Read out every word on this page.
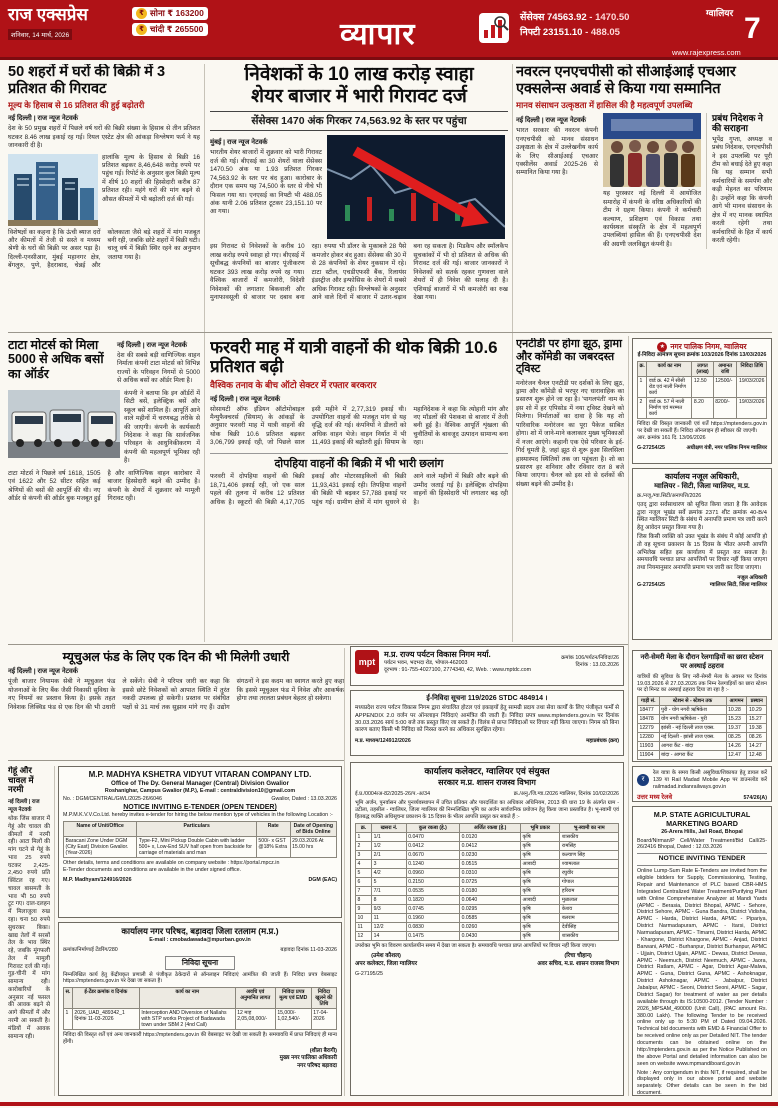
राज एक्सप्रेस
शनिवार, 14 मार्च, 2026
₹ सोना ₹ 163200
₹ चांदी ₹ 265500	व्यापार
सेंसेक्स 74563.92 - 1470.50
निफ्टी 23151.10 - 488.05
ग्वालियर 7
www.rajexpress.com
50 शहरों में घरों की बिक्री में 3 प्रतिशत की गिरावट
मूल्य के हिसाब से 16 प्रतिशत की हुई बढ़ोतरी
नई दिल्ली | राज न्यूज नेटवर्क

देश के 50 प्रमुख शहरों में पिछले वर्ष घरों की बिक्री संख्या के हिसाब से तीन प्रतिशत घटकर 8.46 लाख इकाई रह गई। रियल एस्टेट क्षेत्र की आंकड़ा विश्लेषण फर्म ने यह जानकारी दी है।

हालांकि मूल्य के हिसाब से बिक्री 16 प्रतिशत बढ़कर 8,46,648 करोड़ रुपये पर पहुंच गई। रिपोर्ट के अनुसार कुल बिक्री मूल्य में शीर्ष 10 शहरों की हिस्सेदारी करीब 87 प्रतिशत रही। महंगे घरों की मांग बढ़ने से औसत कीमतों में भी बढ़ोतरी दर्ज की गई।

विशेषज्ञों का कहना है कि ऊंची ब्याज दरों और कीमतों में तेजी से सस्ते व मध्यम श्रेणी के घरों की बिक्री पर असर पड़ा है। दिल्ली-एनसीआर, मुंबई महानगर क्षेत्र, बेंगलुरु, पुणे, हैदराबाद, चेन्नई और कोलकाता जैसे बड़े शहरों में मांग मजबूत बनी रही, जबकि छोटे शहरों में बिक्री घटी। चालू वर्ष में बिक्री स्थिर रहने का अनुमान जताया गया है।

निवेशकों के 10 लाख करोड़ स्वाहा
शेयर बाजार में भारी गिरावट दर्ज
सेंसेक्स 1470 अंक गिरकर 74,563.92 के स्तर पर पहुंचा
मुंबई | राज न्यूज नेटवर्क

भारतीय शेयर बाजारों में शुक्रवार को भारी गिरावट दर्ज की गई। बीएसई का 30 शेयरों वाला सेंसेक्स 1470.50 अंक या 1.93 प्रतिशत गिरकर 74,563.92 के स्तर पर बंद हुआ। कारोबार के दौरान एक समय यह 74,500 के स्तर से नीचे भी फिसल गया था। एनएसई का निफ्टी भी 488.05 अंक यानी 2.06 प्रतिशत टूटकर 23,151.10 पर आ गया।

इस गिरावट से निवेशकों के करीब 10 लाख करोड़ रुपये स्वाहा हो गए। बीएसई में सूचीबद्ध कंपनियों का बाजार पूंजीकरण घटकर 393 लाख करोड़ रुपये रह गया। वैश्विक बाजारों में कमजोरी, विदेशी निवेशकों की लगातार बिकवाली और मुनाफावसूली से बाजार पर दबाव बना रहा। रुपया भी डॉलर के मुकाबले 28 पैसे कमजोर होकर बंद हुआ। सेंसेक्स की 30 में से 28 कंपनियों के शेयर नुकसान में रहे। टाटा स्टील, एचडीएफसी बैंक, रिलायंस इंडस्ट्रीज और इन्फोसिस के शेयरों में सबसे अधिक गिरावट रही। विश्लेषकों के अनुसार आने वाले दिनों में बाजार में उतार-चढ़ाव बना रह सकता है। मिडकैप और स्मॉलकैप सूचकांकों में भी दो प्रतिशत से अधिक की गिरावट दर्ज की गई। बाजार जानकारों ने निवेशकों को सतर्क रहकर गुणवत्ता वाले शेयरों में ही निवेश की सलाह दी है। एशियाई बाजारों में भी कमजोरी का रुख देखा गया।

नवरत्न एनएचपीसी को सीआईआई एचआर एक्सलेन्स अवार्ड से किया गया सम्मानित
मानव संसाधन उत्कृष्ठता में हासिल की है महत्वपूर्ण उपलब्धि
नई दिल्ली | राज न्यूज नेटवर्क

भारत सरकार की नवरत्न कंपनी एनएचपीसी को मानव संसाधन उत्कृष्ठता के क्षेत्र में उल्लेखनीय कार्य के लिए सीआईआई एचआर एक्सीलेंस अवार्ड 2025-26 से सम्मानित किया गया है।

यह पुरस्कार नई दिल्ली में आयोजित समारोह में कंपनी के वरिष्ठ अधिकारियों की टीम ने ग्रहण किया। कंपनी ने कर्मचारी कल्याण, प्रशिक्षण एवं विकास तथा कार्यस्थल संस्कृति के क्षेत्र में महत्वपूर्ण उपलब्धियां हासिल की हैं। एनएचपीसी देश की अग्रणी जलविद्युत कंपनी है।

प्रबंध निदेशक ने की सराहना

भूपेंद्र गुप्ता, अध्यक्ष व प्रबंध निदेशक, एनएचपीसी ने इस उपलब्धि पर पूरी टीम को बधाई देते हुए कहा कि यह सम्मान सभी कर्मचारियों के समर्पण और कड़ी मेहनत का परिणाम है। उन्होंने कहा कि कंपनी आगे भी मानव संसाधन के क्षेत्र में नए मानक स्थापित करती रहेगी तथा कर्मचारियों के हित में कार्य करती रहेगी।

टाटा मोटर्स को मिला 5000 से अधिक बसों का ऑर्डर
नई दिल्ली | राज न्यूज नेटवर्क

देश की सबसे बड़ी वाणिज्यिक वाहन निर्माता कंपनी टाटा मोटर्स को विभिन्न राज्यों के परिवहन निगमों से 5000 से अधिक बसों का ऑर्डर मिला है।

कंपनी ने बताया कि इन ऑर्डरों में सिटी बसें, इलेक्ट्रिक बसें और स्कूल बसें शामिल हैं। आपूर्ति आने वाले महीनों में चरणबद्ध तरीके से की जाएगी। कंपनी के कार्यकारी निदेशक ने कहा कि सार्वजनिक परिवहन के आधुनिकीकरण में कंपनी की महत्वपूर्ण भूमिका रही है।

टाटा मोटर्स ने पिछले वर्ष 1618, 1505 एवं 1622 और 52 सीटर सहित कई श्रेणियों की बसों की आपूर्ति की थी। नए ऑर्डर से कंपनी की ऑर्डर बुक मजबूत हुई है और वाणिज्यिक वाहन कारोबार में बाजार हिस्सेदारी बढ़ने की उम्मीद है। कंपनी के शेयरों में शुक्रवार को मामूली गिरावट रही।

फरवरी माह में यात्री वाहनों की थोक बिक्री 10.6 प्रतिशत बढ़ी
वैश्विक तनाव के बीच ऑटो सेक्टर में रफ्तार बरकरार
नई दिल्ली | राज न्यूज नेटवर्क

सोसायटी ऑफ इंडियन ऑटोमोबाइल मैन्युफैक्चरर्स (सियाम) के आंकड़ों के अनुसार फरवरी माह में यात्री वाहनों की थोक बिक्री 10.6 प्रतिशत बढ़कर 3,06,799 इकाई रही, जो पिछले साल इसी महीने में 2,77,319 इकाई थी। उपयोगिता वाहनों की मजबूत मांग से यह वृद्धि दर्ज की गई। कंपनियों ने डीलरों को अधिक वाहन भेजे। वाहन निर्यात में भी 11,493 इकाई की बढ़ोतरी हुई। सियाम के महानिदेशक ने कहा कि त्योहारी मांग और नए मॉडलों की पेशकश से बाजार में तेजी बनी हुई है। वैश्विक आपूर्ति शृंखला की चुनौतियों के बावजूद उत्पादन सामान्य बना रहा।

दोपहिया वाहनों की बिक्री में भी भारी छलांग

फरवरी में दोपहिया वाहनों की बिक्री 18,71,406 इकाई रही, जो एक साल पहले की तुलना में करीब 12 प्रतिशत अधिक है। स्कूटरों की बिक्री 4,17,705 इकाई और मोटरसाइकिलों की बिक्री 11,93,431 इकाई रही। तिपहिया वाहनों की बिक्री भी बढ़कर 57,788 इकाई पर पहुंच गई। ग्रामीण क्षेत्रों में मांग सुधरने से आने वाले महीनों में बिक्री और बढ़ने की उम्मीद जताई गई है। इलेक्ट्रिक दोपहिया वाहनों की हिस्सेदारी भी लगातार बढ़ रही है।

एनटीडी पर होगा झूठ, ड्रामा और कॉमेडी का जबरदस्त ट्विस्ट

मनोरंजन चैनल एनटीडी पर दर्शकों के लिए झूठ, ड्रामा और कॉमेडी से भरपूर नए धारावाहिक का प्रसारण शुरू होने जा रहा है। 'पागलपंती' नाम के इस शो में हर एपिसोड में नया ट्विस्ट देखने को मिलेगा। निर्माताओं का दावा है कि यह शो पारिवारिक मनोरंजन का पूरा पैकेज साबित होगा। शो में जाने-माने कलाकार मुख्य भूमिकाओं में नजर आएंगे। कहानी एक ऐसे परिवार के इर्द-गिर्द घूमती है, जहां झूठ से शुरू हुआ सिलसिला हास्यास्पद स्थितियों तक जा पहुंचता है। शो का प्रसारण हर शनिवार और रविवार रात 8 बजे किया जाएगा। चैनल को इस शो से दर्शकों की संख्या बढ़ने की उम्मीद है।

★ नगर पालिक निगम, ग्वालियर
ई-निविदा आमंत्रण सूचना क्रमांक 103/2026 दिनांक 13/03/2026
क्र.	कार्य का नाम	लागत (लाख)	अमानत राशि	निविदा तिथि
1	वार्ड क्र. 42 में सीसी रोड एवं नाली निर्माण कार्य	12.50	12500/-	19/03/2026
2	वार्ड क्र. 57 में नाली निर्माण एवं मरम्मत कार्य	8.20	8200/-	19/03/2026

निविदा की विस्तृत जानकारी एवं शर्तें https://mptenders.gov.in पर देखी जा सकती हैं। निविदा ऑनलाइन ही स्वीकार की जाएगी।

आर. क्रमांक 161 दि. 13/06/2026
G-27254/25	अधीक्षण यंत्री, नगर पालिक निगम ग्वालियर
कार्यालय नजूल अधिकारी,
ग्वालियर - सिटी, जिला ग्वालियर, म.प्र.
क्र./नजू./ग्वा.सिटी/अनापत्ति/2026

एतद् द्वारा सर्वसाधारण को सूचित किया जाता है कि आवेदक द्वारा नजूल भूखंड सर्वे क्रमांक 2371 शीट क्रमांक 40-B/4 स्थित ग्वालियर सिटी के संबंध में अनापत्ति प्रमाण पत्र जारी करने हेतु आवेदन प्रस्तुत किया गया है।

जिस किसी व्यक्ति को उक्त भूखंड के संबंध में कोई आपत्ति हो तो वह सूचना प्रकाशन के 15 दिवस के भीतर अपनी आपत्ति अभिलेख सहित इस कार्यालय में प्रस्तुत कर सकता है। समयावधि पश्चात प्राप्त आपत्तियों पर विचार नहीं किया जाएगा तथा नियमानुसार अनापत्ति प्रमाण पत्र जारी कर दिया जाएगा।

G-27254/25
नजूल अधिकारी
ग्वालियर सिटी, जिला ग्वालियर
म्यूचुअल फंड के लिए एक दिन की भी मिलेगी उधारी
नई दिल्ली | राज न्यूज नेटवर्क

पूंजी बाजार नियामक सेबी ने म्यूचुअल फंड योजनाओं के लिए बैंक जैसी निकासी सुविधा के नए नियमों का प्रस्ताव किया है। इसके तहत निवेशक लिक्विड फंड से एक दिन की भी उधारी ले सकेंगे। सेबी ने परिपत्र जारी कर कहा कि इससे छोटे निवेशकों को आपात स्थिति में तुरंत नकदी उपलब्ध हो सकेगी। प्रस्ताव पर संबंधित पक्षों से 31 मार्च तक सुझाव मांगे गए हैं। उद्योग संगठनों ने इस कदम का स्वागत करते हुए कहा कि इससे म्यूचुअल फंड में निवेश और आकर्षक होगा तथा तरलता प्रबंधन बेहतर हो सकेगा।

mpt
म.प्र. राज्य पर्यटन विकास निगम मर्या.
पर्यटन भवन, भदभदा रोड, भोपाल-462003
दूरभाष : 91-755-4027100, 2774340, 42, Web. : www.mptdc.com
क्रमांक 106/पर्यटन/निविदा/26
दिनांक : 13.03.2026
ई-निविदा सूचना 119/2026 STDC 484914 ।

मध्यप्रदेश राज्य पर्यटन विकास निगम द्वारा संचालित होटल एवं इकाइयों हेतु सामग्री प्रदाय तथा सेवा कार्यों के लिए पंजीकृत फर्मों से APPENDIX 2.0 वर्जन पर ऑनलाइन निविदाएं आमंत्रित की जाती हैं। निविदा प्रपत्र www.mptenders.gov.in पर दिनांक 30.03.2026 सायं 5:00 बजे तक प्रस्तुत किए जा सकते हैं। विलंब से प्राप्त निविदाओं पर विचार नहीं किया जाएगा। निगम को बिना कारण बताए किसी भी निविदा को निरस्त करने का अधिकार सुरक्षित रहेगा।

म.प्र. माध्यम/124912/2026	महाप्रबंधक (क्रय)
नरी-सेमरी मेला के दौरान रेलगाड़ियों का छारा स्टेशन पर अस्थाई ठहराव

यात्रियों की सुविधा के लिए नरी-सेमरी मेला के अवसर पर दिनांक 19.03.2026 से 27.03.2026 तक निम्न रेलगाड़ियों का छारा स्टेशन पर दो मिनट का अस्थाई ठहराव दिया जा रहा है :-

गाड़ी सं.	स्टेशन से - स्टेशन तक	आगमन	प्रस्थान
18477	पुरी - योग नगरी ऋषिकेश	10.28	10.29
18478	योग नगरी ऋषिकेश - पुरी	15.23	15.27
12279	झांसी - नई दिल्ली ताज एक्स.	19.37	19.38
12280	नई दिल्ली - झांसी ताज एक्स.	08.25	08.26
11903	आगरा कैंट - बांदा	14.26	14.27
11904	बांदा - आगरा कैंट	12.47	12.48

र

रेल यात्रा के समय किसी असुविधा/शिकायत हेतु डायल करें 139 या Rail Madad Mobile App पर डाउनलोड करें railmadad.indianrailways.gov.in

उत्तर मध्य रेलवे	574/26(A)
M.P. STATE AGRICULTURAL MARKETING BOARD
26-Arera Hills, Jail Road, Bhopal
Board/Nirman/P Cell/Water Treatment/Bid Call/25-26/2416 Bhopal, Dated : 12.03.2026
NOTICE INVITING TENDER

Online Lump-Sum Rate E-Tenders are invited from the eligible bidders for Supply, Commissioning, Testing, Repair and Maintenance of PLC based CBR-HMS Integrated Centralized Water Treatment/Purifying Plant with Online Comprehensive Analyzer at Mandi Yards (APMC - Berasia, District Bhopal, APMC - Sehore, District Sehore, APMC - Guna Bandra, District Vidisha, APMC - Harda, District Harda, APMC - Pipariya, District Narmadapuram, APMC - Itarsi, District Narmadapuram, APMC - Timarni, District Harda, APMC - Khargone, District Khargone, APMC - Anjad, District Barwani, APMC - Burhanpur, District Burhanpur, APMC - Ujjain, District Ujjain, APMC - Dewas, District Dewas, APMC - Neemuch, District Neemuch, APMC - Jaora, District Ratlam, APMC - Agar, District Agar-Malwa, APMC - Guna, District Guna, APMC - Ashoknagar, District Ashoknagar, APMC - Jabalpur, District Jabalpur, APMC - Seoni, District Seoni, APMC - Sagar, District Sagar) for treatment of water as per details available through its IS:10500-2012. (Tender Number : 2026_MPSAM_490000 (Unit Call), (PAC amount Rs. 380.00 Lakh). The following Tender to be received online only up to 5:30 PM of Dated 09.04.2026. Technical bid documents with EMD & Financial Offer to be received online only as per Detailed NIT. The tender documents can be obtained online on the http://mptenders.gov.in as per the Notice Published on the above Portal and detailed information can also be seen on website www.mpmandiboard.gov.in

Note : Any corrigendum in this NIT, if required, shall be displayed only in our above portal and website separately. Other details can be seen in the bid document.

गेहूं और चावल में नरमी
नई दिल्ली | राज न्यूज नेटवर्क

थोक जिंस बाजार में गेहूं और चावल की कीमतों में नरमी रही। आटा मिलों की मांग घटने से गेहूं के भाव 25 रुपये घटकर 2,425-2,450 रुपये प्रति क्विंटल रह गए। चावल बासमती के भाव भी 50 रुपये टूट गए। दाल-दलहन में मिलाजुला रुख रहा। चना 50 रुपये सुधरकर बिका। खाद्य तेलों में सरसों तेल के भाव स्थिर रहे, जबकि मूंगफली तेल में मामूली गिरावट दर्ज की गई। गुड़-चीनी में मांग सामान्य रही। कारोबारियों के अनुसार नई फसल की आवक बढ़ने से आगे कीमतों में और नरमी आ सकती है। मंडियों में आवक सामान्य रही।

M.P. MADHYA KSHETRA VIDYUT VITARAN COMPANY LTD.
Office of The Dy. General Manager (Central) Division Gwalior
Roshanighar, Campus Gwalior (M.P.), E-mail : centraldivision10@gmail.com
No. : DGM/CENTRAL/GWL/2025-26/6046	Gwalior, Dated : 13.03.2026
NOTICE INVITING E-TENDER (OPEN TENDER)

M.P.M.K.V.V.Co.Ltd. hereby invites e-tender for hiring the below mention type of vehicles in the following Location :-

Name of Unit/Office	Particulars	Rate	Date of Opening of Bids Online
Baracani Zone Under DGM (City East) Division Gwalior. (Year-2026)	Type-F2, Mini Pickup Double Cabin with ladder 500+ x, Low-End SUV half open from backside for carriage of materials and man	500/- x GST @18% Extra	29.03.2026 At 15.00 hrs

Other details, terms and conditions are available on company website : https://portal.mpcz.in

E-Tender documents and conditions are available in the under signed office.

M.P. Madhyam/124916/2026	DGM (EAC)
कार्यालय नगर परिषद, बड़ावदा जिला रतलाम (म.प्र.)
E-mail : cmobadawada@mpurban.gov.in
क्रमांक/निर्माण/ई टेंडरिंग/280	बड़ावदा दिनांक 11-03-2026
निविदा सूचना

निम्नलिखित कार्य हेतु केंद्रीयकृत प्रणाली से पंजीकृत ठेकेदारों से ऑनलाइन निविदाएं आमंत्रित की जाती हैं। निविदा प्रपत्र वेबसाइट https://mptenders.gov.in पर देखा जा सकता है।

स.	ई-टेंडर क्रमांक व दिनांक	कार्य का नाम	अवधि एवं अनुमानित लागत	निविदा प्रपत्र मूल्य एवं EMD	निविदा खुलने की तिथि
1	2026_UAD_489342_1 दिनांक 11-03-2026	Interception AND Diversion of Nallahs with STP works Project of Badawada town under SBM 2 (4nd Call)	12 माह 2,05,08,000/-	15,000/- 1,02,540/-	17-04-2026

निविदा की विस्तृत शर्तें एवं अन्य जानकारी https://mptenders.gov.in की वेबसाइट पर देखी जा सकती है। समयावधि में प्राप्त निविदाएं ही मान्य होंगी।

(शीला बैरागी)
मुख्य नगर पालिका अधिकारी
नगर परिषद बड़ावदा
कार्यालय कलेक्टर, ग्वालियर एवं संयुक्त
सरकार म.प्र. शासन राजस्व विभाग
ई.प्र./0004/अ-82/2025-26/प.-अ/34	क्र./अनु./जि.ग्वा./2026 ग्वालियर, दिनांक 10/02/2026

भूमि अर्जन, पुनर्वासन और पुनर्व्यवस्थापन में उचित प्रतिकर और पारदर्शिता का अधिकार अधिनियम, 2013 की धारा 19 के अंतर्गत ग्राम - उटीला, तहसील - ग्वालियर, जिला ग्वालियर की निम्नलिखित भूमि का अर्जन सार्वजनिक प्रयोजन हेतु किया जाना प्रस्तावित है। भू-स्वामी एवं हितबद्ध व्यक्ति अधिसूचना प्रकाशन के 15 दिवस के भीतर आपत्ति प्रस्तुत कर सकते हैं :-

क्र.	खसरा नं.	कुल रकबा (हे.)	अर्जित रकबा (हे.)	भूमि प्रकार	भू-स्वामी का नाम
1	1/1	0.0470	0.0120	कृषि	शासकीय
2	1/2	0.0412	0.0412	कृषि	रामसिंह
3	2/1	0.0670	0.0230	कृषि	कल्याण सिंह
4	3	0.1240	0.0515	आबादी	श्यामलाल
5	4/2	0.0960	0.0310	कृषि	रघुवीर
6	5	0.2150	0.0725	कृषि	गोपाल
7	7/1	0.0535	0.0180	कृषि	हरिराम
8	8	0.1820	0.0640	आबादी	मुन्नालाल
9	9/3	0.0745	0.0295	कृषि	केशव
10	11	0.1960	0.0585	कृषि	बलराम
11	12/2	0.0830	0.0260	कृषि	देवीसिंह
12	14	0.1475	0.0430	कृषि	शासकीय

उपरोक्त भूमि का विवरण कार्यालयीन समय में देखा जा सकता है। समयावधि पश्चात प्राप्त आपत्तियों पर विचार नहीं किया जाएगा।

(उमेश कौशल)
अपर कलेक्टर, जिला ग्वालियर
(रिचा चौहान)
अवर सचिव, म.प्र. शासन राजस्व विभाग
G-27195/25
